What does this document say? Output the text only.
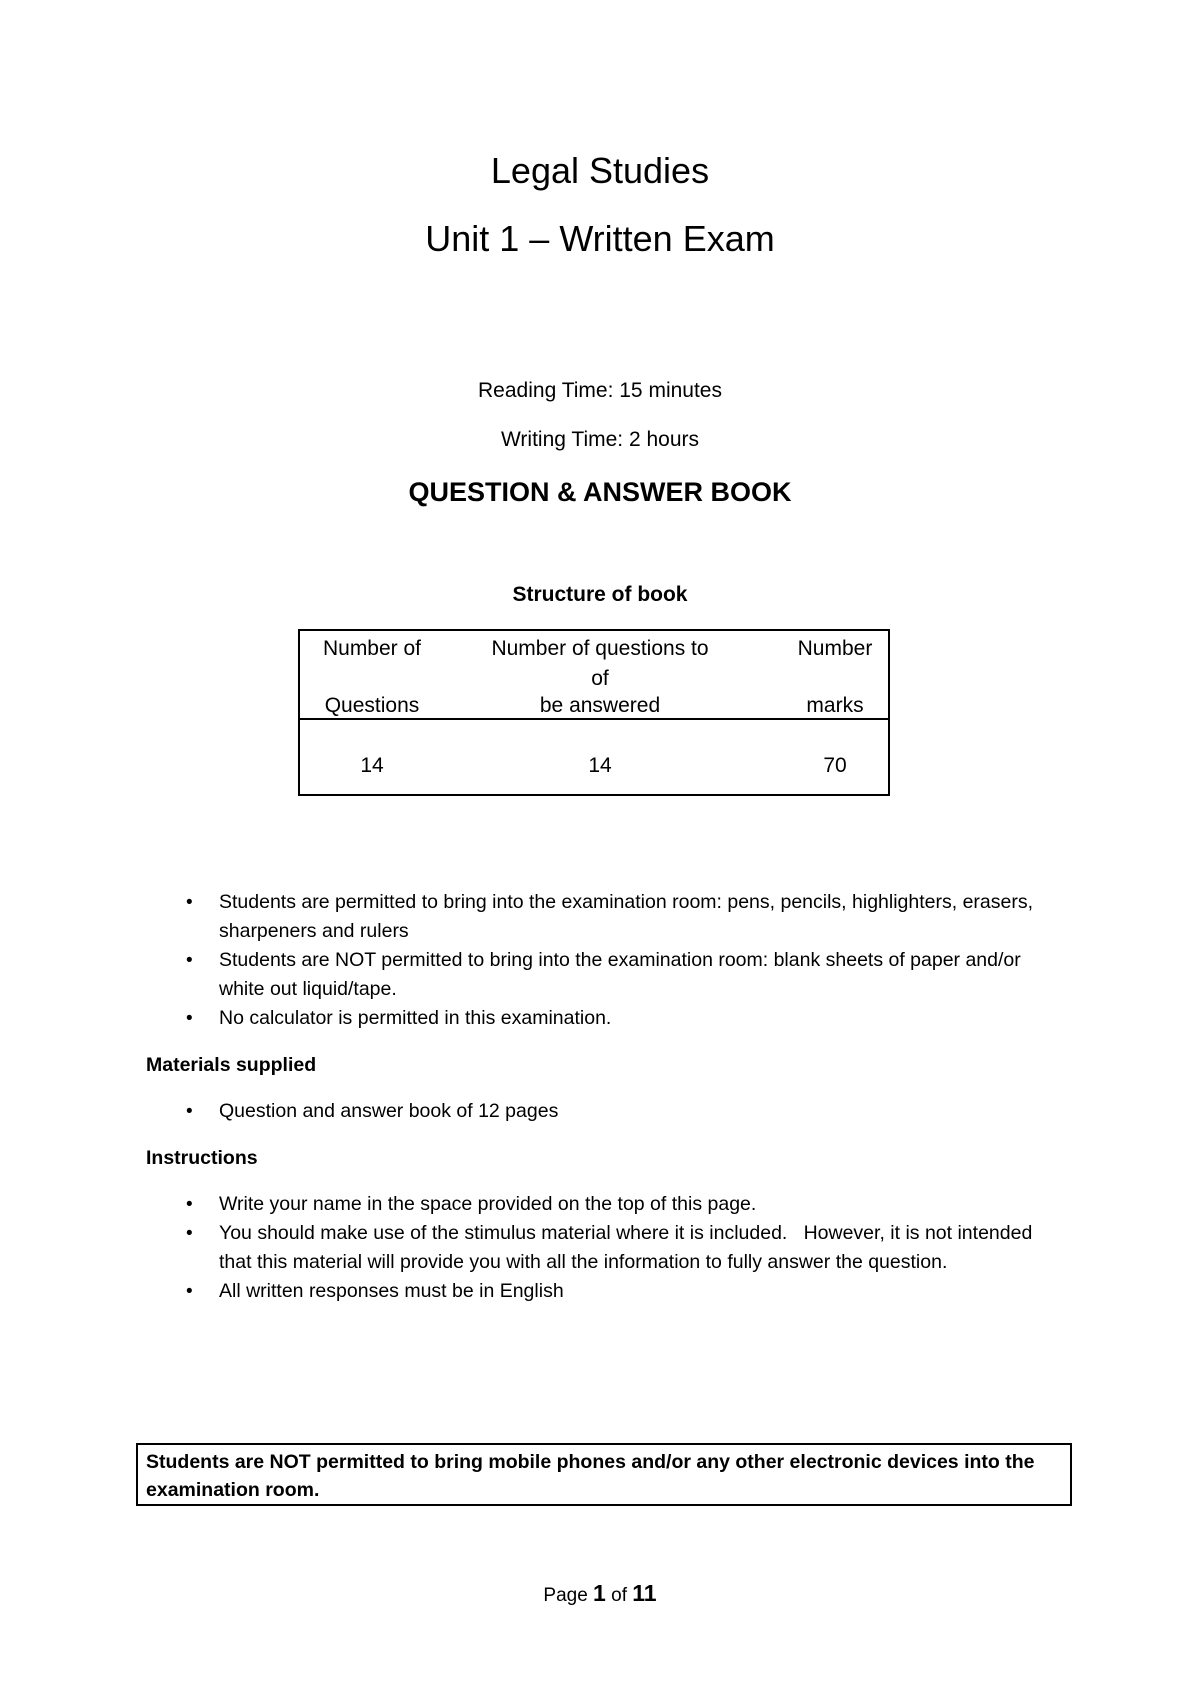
Legal Studies
Unit 1 – Written Exam
Reading Time: 15 minutes
Writing Time: 2 hours
QUESTION & ANSWER BOOK
Structure of book
Number of
Questions
Number of questions to
of
be answered
Number
marks
14	14	70
• Students are permitted to bring into the examination room: pens, pencils, highlighters, erasers, sharpeners and rulers
• Students are NOT permitted to bring into the examination room: blank sheets of paper and/or white out liquid/tape.
• No calculator is permitted in this examination.
Materials supplied
• Question and answer book of 12 pages
Instructions
• Write your name in the space provided on the top of this page.
• You should make use of the stimulus material where it is included.   However, it is not intended that this material will provide you with all the information to fully answer the question.
• All written responses must be in English
Students are NOT permitted to bring mobile phones and/or any other electronic devices into the examination room.
Page 1 of 11
